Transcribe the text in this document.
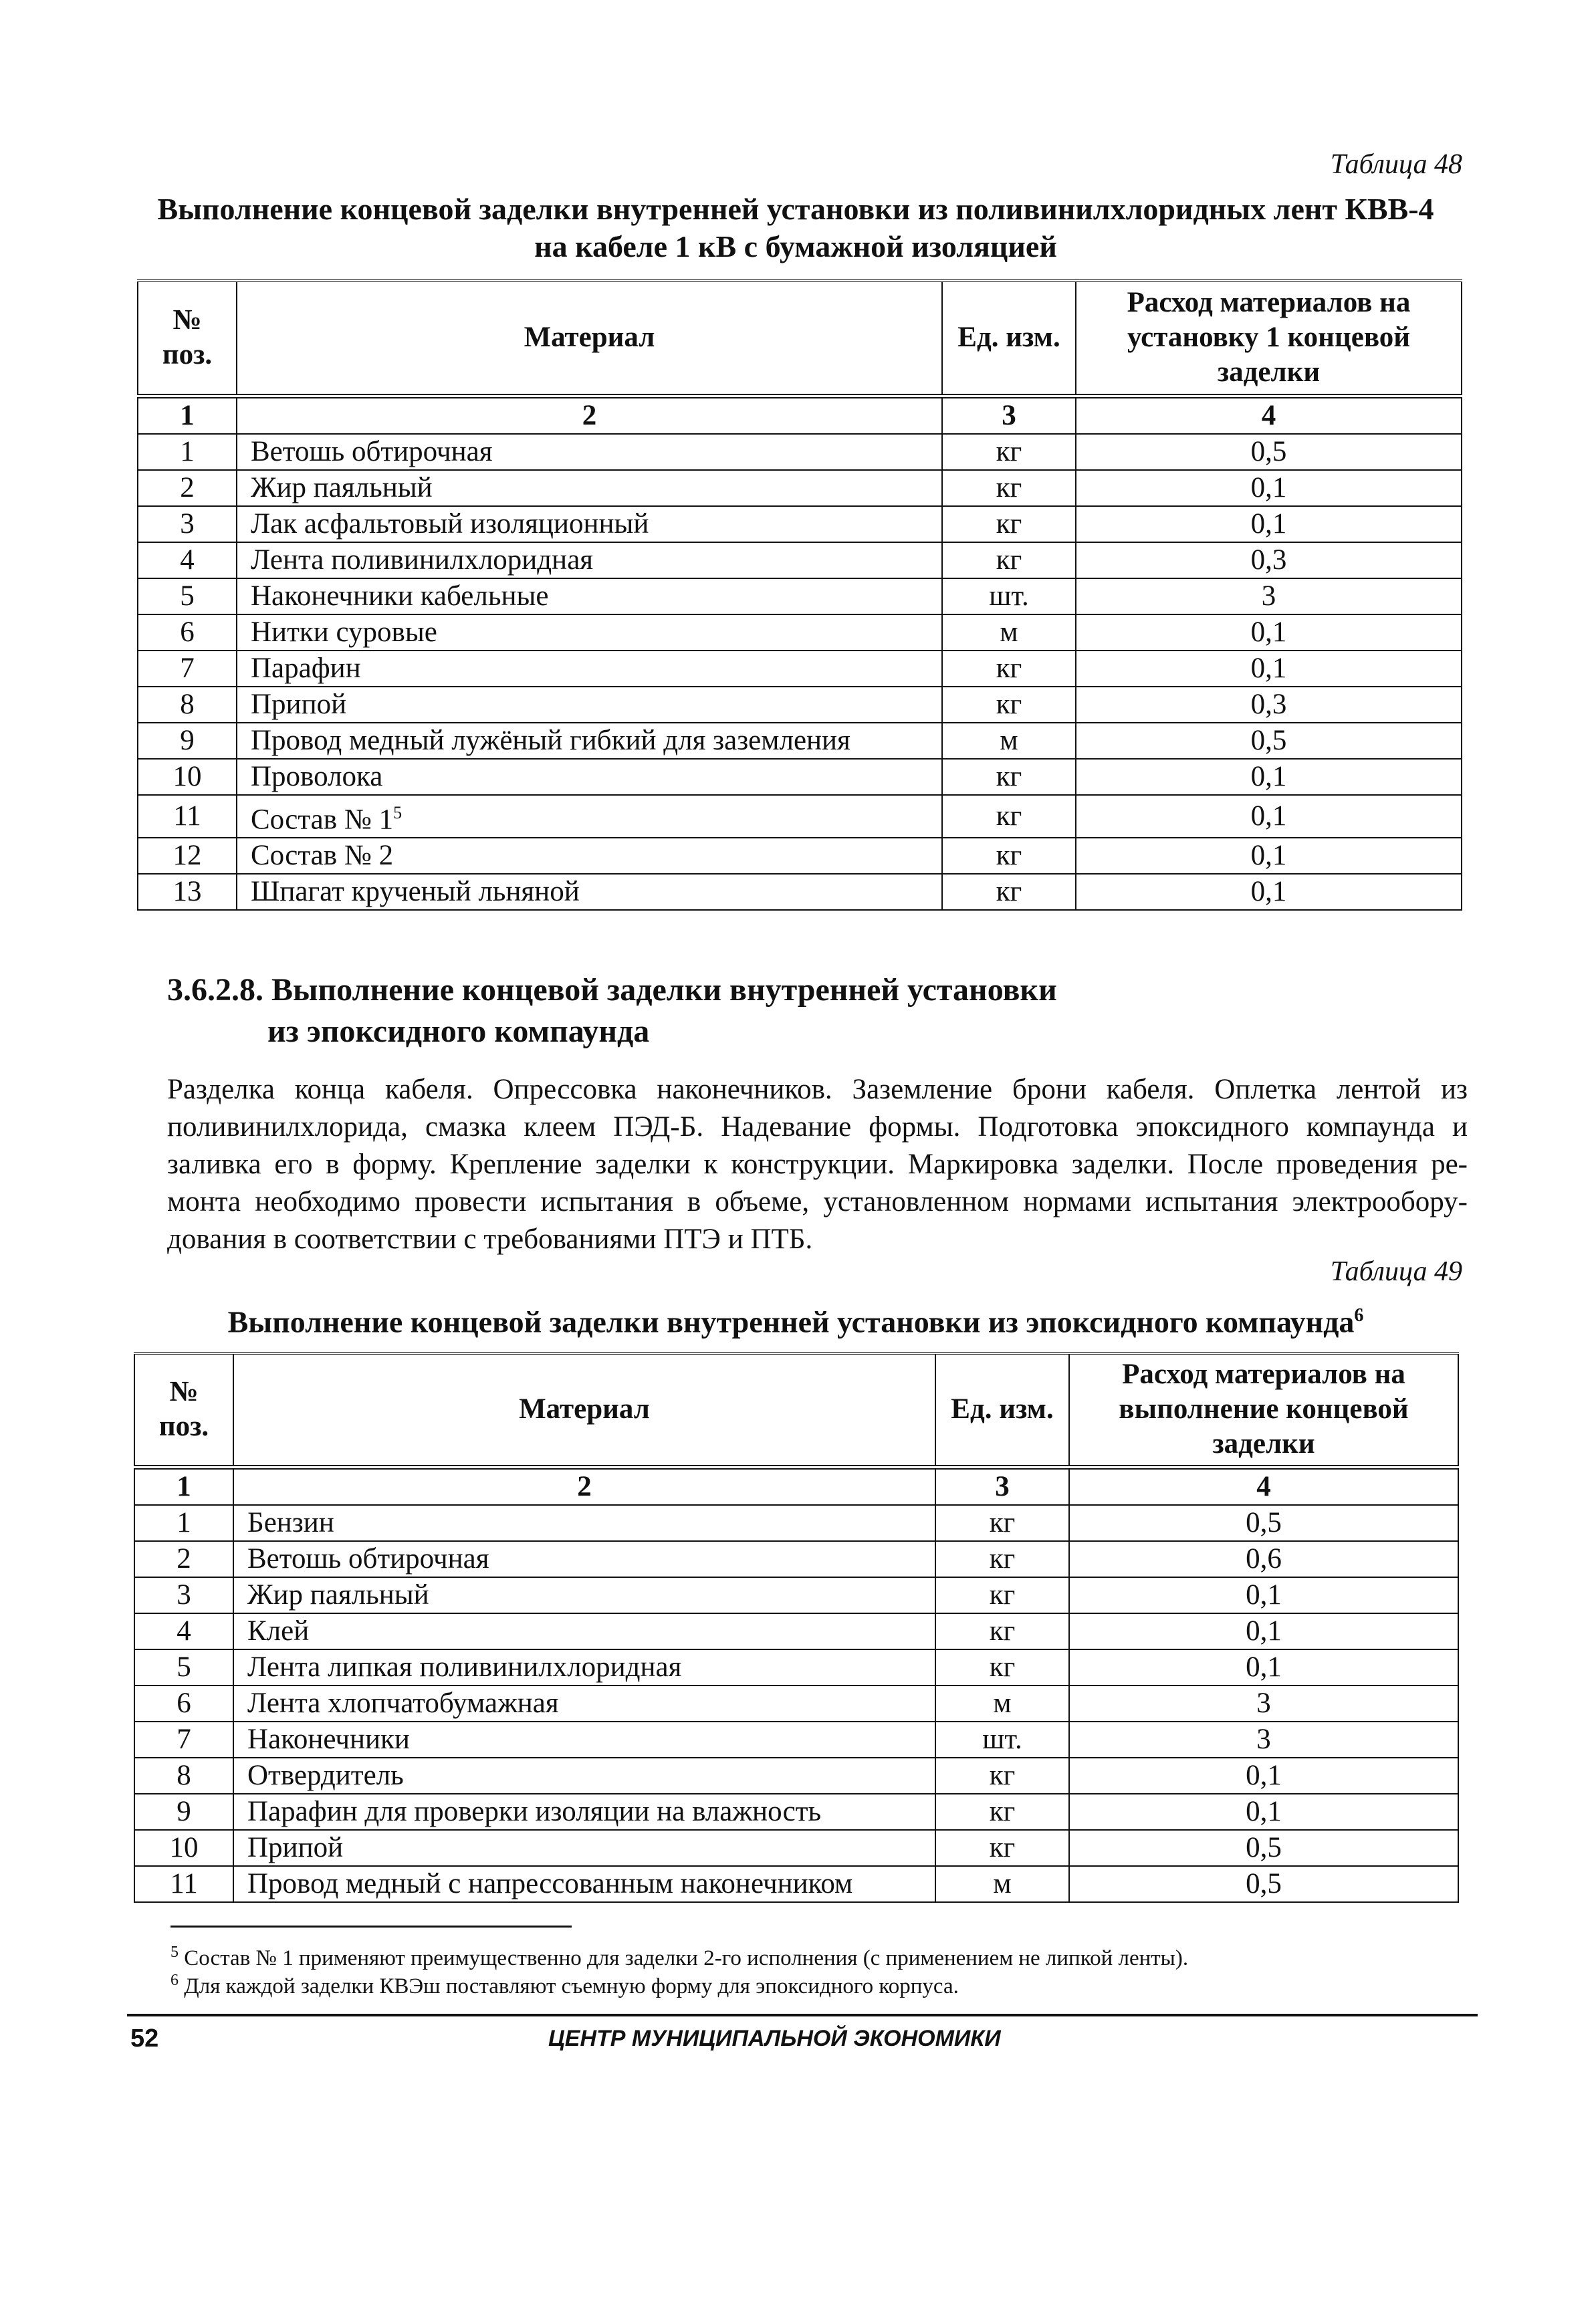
Таблица 48
Выполнение концевой заделки внутренней установки из поливинилхлоридных лент КВВ-4
на кабеле 1 кВ с бумажной изоляцией
№ поз.	Материал	Ед. изм.	Расход материалов на установку 1 концевой заделки
1	2	3	4
1	Ветошь обтирочная	кг	0,5
2	Жир паяльный	кг	0,1
3	Лак асфальтовый изоляционный	кг	0,1
4	Лента поливинилхлоридная	кг	0,3
5	Наконечники кабельные	шт.	3
6	Нитки суровые	м	0,1
7	Парафин	кг	0,1
8	Припой	кг	0,3
9	Провод медный лужёный гибкий для заземления	м	0,5
10	Проволока	кг	0,1
11	Состав № $1^5$	кг	0,1
12	Состав № 2	кг	0,1
13	Шпагат крученый льняной	кг	0,1
3.6.2.8. Выполнение концевой заделки внутренней установки
из эпоксидного компаунда
Разделка конца кабеля. Опрессовка наконечников. Заземление брони кабеля. Оплетка лентой из
поливинилхлорида, смазка клеем ПЭД-Б. Надевание формы. Подготовка эпоксидного компаунда и
заливка его в форму. Крепление заделки к конструкции. Маркировка заделки. После проведения ре-
монта необходимо провести испытания в объеме, установленном нормами испытания электрообору-
дования в соответствии с требованиями ПТЭ и ПТБ.
Таблица 49
Выполнение концевой заделки внутренней установки из эпоксидного компаунда$^6$
№ поз.	Материал	Ед. изм.	Расход материалов на выполнение концевой заделки
1	2	3	4
1	Бензин	кг	0,5
2	Ветошь обтирочная	кг	0,6
3	Жир паяльный	кг	0,1
4	Клей	кг	0,1
5	Лента липкая поливинилхлоридная	кг	0,1
6	Лента хлопчатобумажная	м	3
7	Наконечники	шт.	3
8	Отвердитель	кг	0,1
9	Парафин для проверки изоляции на влажность	кг	0,1
10	Припой	кг	0,5
11	Провод медный с напрессованным наконечником	м	0,5
$^5$ Состав № 1 применяют преимущественно для заделки 2-го исполнения (с применением не липкой ленты).
$^6$ Для каждой заделки КВЭш поставляют съемную форму для эпоксидного корпуса.
52	ЦЕНТР МУНИЦИПАЛЬНОЙ ЭКОНОМИКИ
